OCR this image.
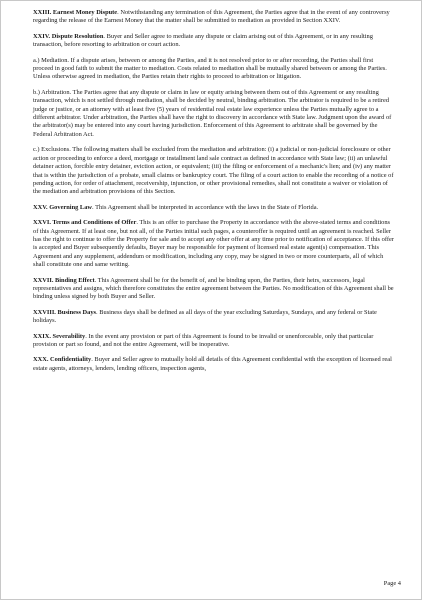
XXIII. Earnest Money Dispute. Notwithstanding any termination of this Agreement, the Parties agree that in the event of any controversy regarding the release of the Earnest Money that the matter shall be submitted to mediation as provided in Section XXIV.

XXIV. Dispute Resolution. Buyer and Seller agree to mediate any dispute or claim arising out of this Agreement, or in any resulting transaction, before resorting to arbitration or court action.

a.) Mediation. If a dispute arises, between or among the Parties, and it is not resolved prior to or after recording, the Parties shall first proceed in good faith to submit the matter to mediation. Costs related to mediation shall be mutually shared between or among the Parties. Unless otherwise agreed in mediation, the Parties retain their rights to proceed to arbitration or litigation.

b.) Arbitration. The Parties agree that any dispute or claim in law or equity arising between them out of this Agreement or any resulting transaction, which is not settled through mediation, shall be decided by neutral, binding arbitration. The arbitrator is required to be a retired judge or justice, or an attorney with at least five (5) years of residential real estate law experience unless the Parties mutually agree to a different arbitrator. Under arbitration, the Parties shall have the right to discovery in accordance with State law. Judgment upon the award of the arbitrator(s) may be entered into any court having jurisdiction. Enforcement of this Agreement to arbitrate shall be governed by the Federal Arbitration Act.

c.) Exclusions. The following matters shall be excluded from the mediation and arbitration: (i) a judicial or non-judicial foreclosure or other action or proceeding to enforce a deed, mortgage or installment land sale contract as defined in accordance with State law; (ii) an unlawful detainer action, forcible entry detainer, eviction action, or equivalent; (iii) the filing or enforcement of a mechanic's lien; and (iv) any matter that is within the jurisdiction of a probate, small claims or bankruptcy court. The filing of a court action to enable the recording of a notice of pending action, for order of attachment, receivership, injunction, or other provisional remedies, shall not constitute a waiver or violation of the mediation and arbitration provisions of this Section.

XXV. Governing Law. This Agreement shall be interpreted in accordance with the laws in the State of Florida.

XXVI. Terms and Conditions of Offer. This is an offer to purchase the Property in accordance with the above-stated terms and conditions of this Agreement. If at least one, but not all, of the Parties initial such pages, a counteroffer is required until an agreement is reached. Seller has the right to continue to offer the Property for sale and to accept any other offer at any time prior to notification of acceptance. If this offer is accepted and Buyer subsequently defaults, Buyer may be responsible for payment of licensed real estate agent(s) compensation. This Agreement and any supplement, addendum or modification, including any copy, may be signed in two or more counterparts, all of which shall constitute one and same writing.

XXVII. Binding Effect. This Agreement shall be for the benefit of, and be binding upon, the Parties, their heirs, successors, legal representatives and assigns, which therefore constitutes the entire agreement between the Parties. No modification of this Agreement shall be binding unless signed by both Buyer and Seller.

XXVIII. Business Days. Business days shall be defined as all days of the year excluding Saturdays, Sundays, and any federal or State holidays.

XXIX. Severability. In the event any provision or part of this Agreement is found to be invalid or unenforceable, only that particular provision or part so found, and not the entire Agreement, will be inoperative.

XXX. Confidentiality. Buyer and Seller agree to mutually hold all details of this Agreement confidential with the exception of licensed real estate agents, attorneys, lenders, lending officers, inspection agents,

Page 4
